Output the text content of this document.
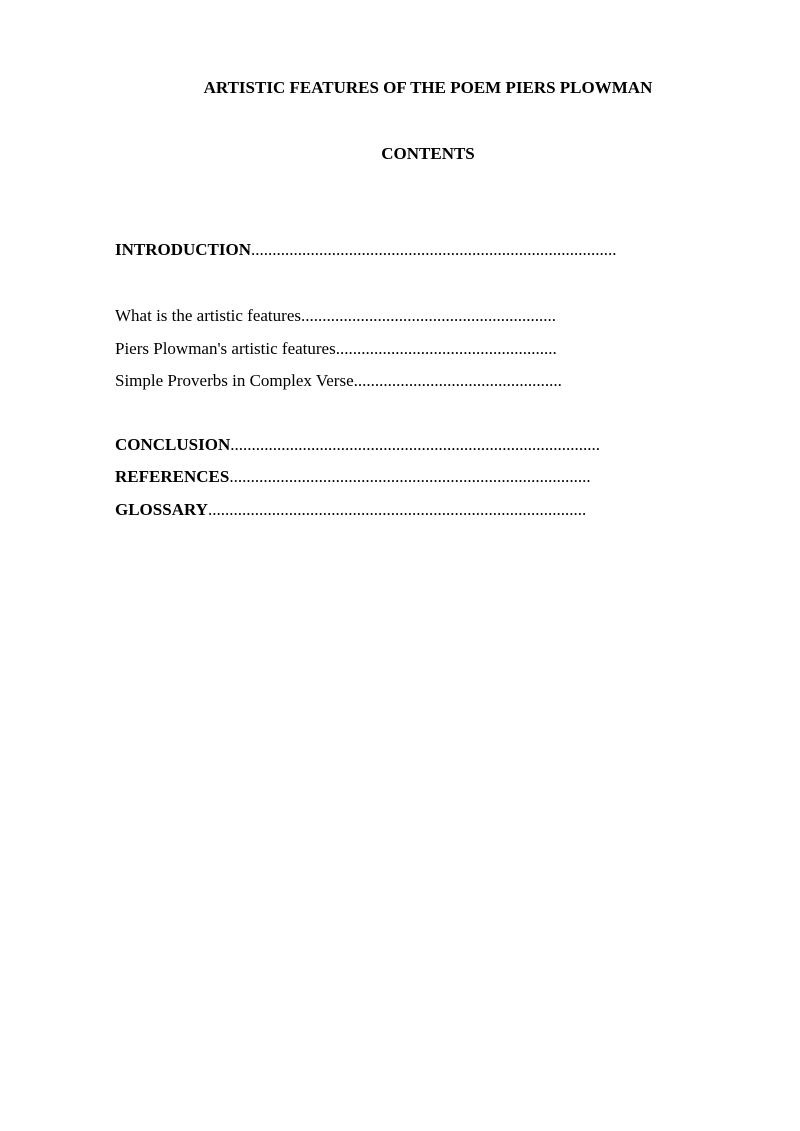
ARTISTIC FEATURES OF THE POEM PIERS PLOWMAN
CONTENTS

INTRODUCTION......................................................................................

What is the artistic features............................................................

Piers Plowman's artistic features....................................................

Simple Proverbs in Complex Verse.................................................

CONCLUSION.......................................................................................

REFERENCES.....................................................................................

GLOSSARY.........................................................................................
